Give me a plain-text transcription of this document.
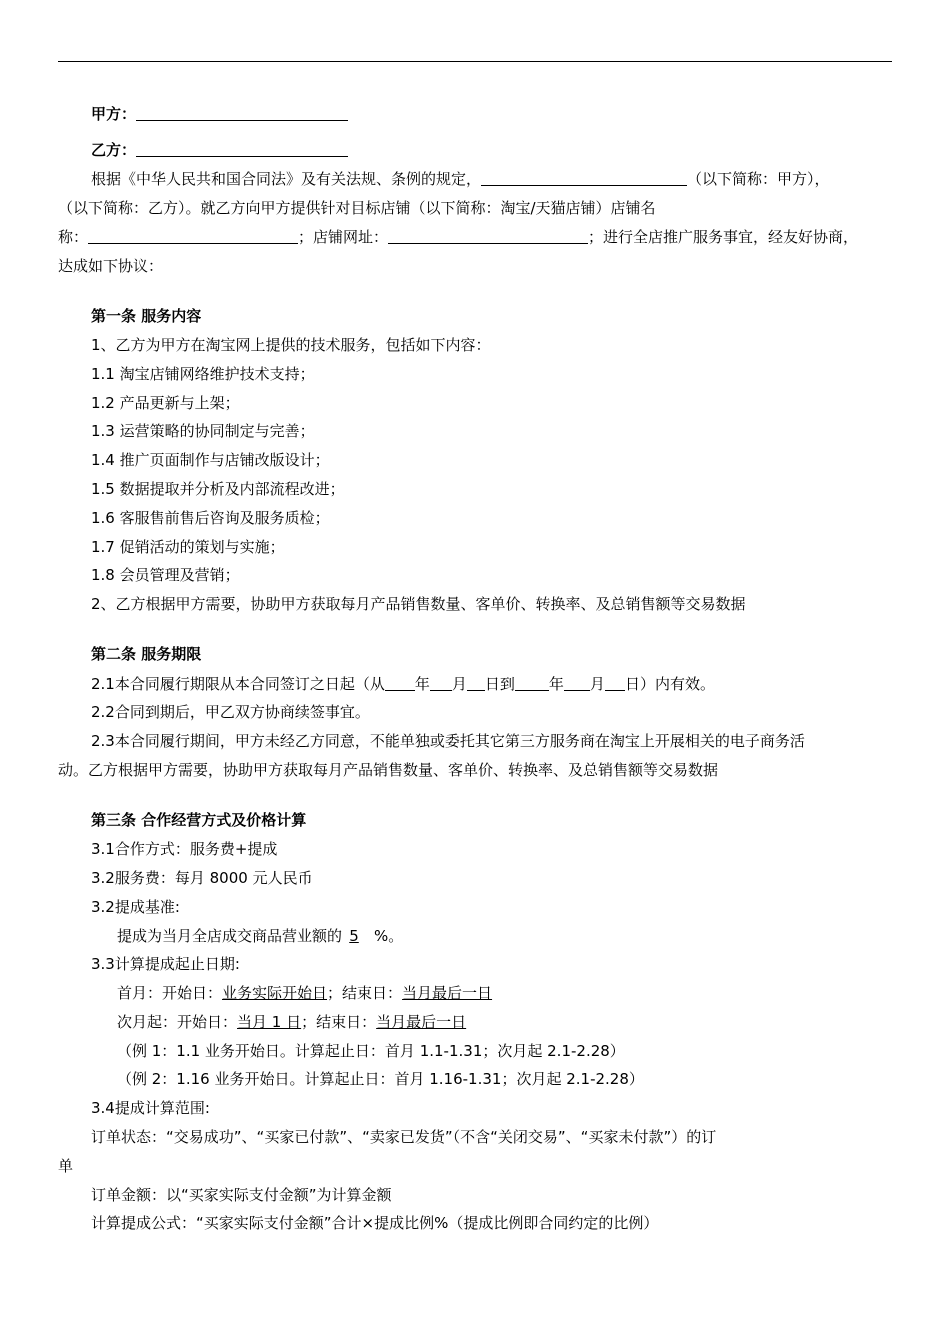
甲方：
乙方：
根据《中华人民共和国合同法》及有关法规、条例的规定，	（以下简称：甲方），
（以下简称：乙方）。就乙方向甲方提供针对目标店铺（以下简称：淘宝/天猫店铺）店铺名
称：	；店铺网址：	；进行全店推广服务事宜，经友好协商，
达成如下协议：
第一条 服务内容
1、乙方为甲方在淘宝网上提供的技术服务，包括如下内容：
1.1 淘宝店铺网络维护技术支持；
1.2 产品更新与上架；
1.3 运营策略的协同制定与完善；
1.4 推广页面制作与店铺改版设计；
1.5 数据提取并分析及内部流程改进；
1.6 客服售前售后咨询及服务质检；
1.7 促销活动的策划与实施；
1.8 会员管理及营销；
2、乙方根据甲方需要，协助甲方获取每月产品销售数量、客单价、转换率、及总销售额等交易数据
第二条 服务期限
2.1本合同履行期限从本合同签订之日起（从 年 月 日到 年 月 日）内有效。
2.2合同到期后，甲乙双方协商续签事宜。
2.3本合同履行期间，甲方未经乙方同意，不能单独或委托其它第三方服务商在淘宝上开展相关的电子商务活
动。乙方根据甲方需要，协助甲方获取每月产品销售数量、客单价、转换率、及总销售额等交易数据
第三条 合作经营方式及价格计算
3.1合作方式：服务费+提成
3.2服务费：每月 8000 元人民币
3.2提成基准:
提成为当月全店成交商品营业额的 5 %。
3.3计算提成起止日期:
首月：开始日：业务实际开始日；结束日：当月最后一日
次月起：开始日：当月 1 日；结束日：当月最后一日
（例 1：1.1 业务开始日。计算起止日：首月 1.1-1.31；次月起 2.1-2.28）
（例 2：1.16 业务开始日。计算起止日：首月 1.16-1.31；次月起 2.1-2.28）
3.4提成计算范围:
订单状态：“交易成功”、“买家已付款”、“卖家已发货”（不含“关闭交易”、“买家未付款”）的订
单
订单金额：以“买家实际支付金额”为计算金额
计算提成公式：“买家实际支付金额”合计×提成比例%（提成比例即合同约定的比例）
